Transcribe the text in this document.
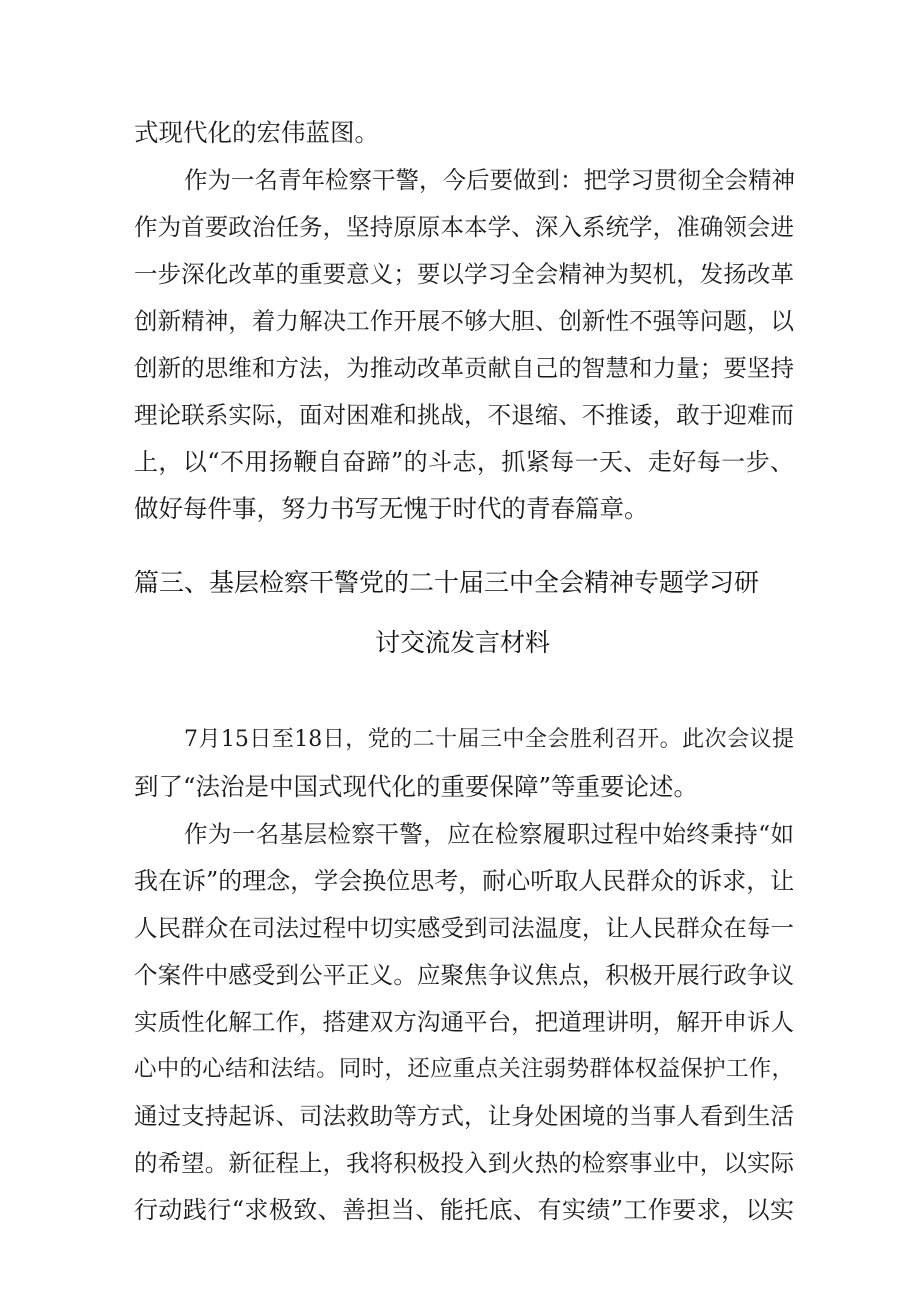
式现代化的宏伟蓝图。

作为一名青年检察干警，今后要做到：把学习贯彻全会精神

作为首要政治任务，坚持原原本本学、深入系统学，准确领会进

一步深化改革的重要意义；要以学习全会精神为契机，发扬改革

创新精神，着力解决工作开展不够大胆、创新性不强等问题，以

创新的思维和方法，为推动改革贡献自己的智慧和力量；要坚持

理论联系实际，面对困难和挑战，不退缩、不推诿，敢于迎难而

上，以“不用扬鞭自奋蹄”的斗志，抓紧每一天、走好每一步、

做好每件事，努力书写无愧于时代的青春篇章。

篇三、基层检察干警党的二十届三中全会精神专题学习研
讨交流发言材料

7月15日至18日，党的二十届三中全会胜利召开。此次会议提

到了“法治是中国式现代化的重要保障”等重要论述。

作为一名基层检察干警，应在检察履职过程中始终秉持“如

我在诉”的理念，学会换位思考，耐心听取人民群众的诉求，让

人民群众在司法过程中切实感受到司法温度，让人民群众在每一

个案件中感受到公平正义。应聚焦争议焦点，积极开展行政争议

实质性化解工作，搭建双方沟通平台，把道理讲明，解开申诉人

心中的心结和法结。同时，还应重点关注弱势群体权益保护工作，

通过支持起诉、司法救助等方式，让身处困境的当事人看到生活

的希望。新征程上，我将积极投入到火热的检察事业中，以实际

行动践行“求极致、善担当、能托底、有实绩”工作要求，以实
